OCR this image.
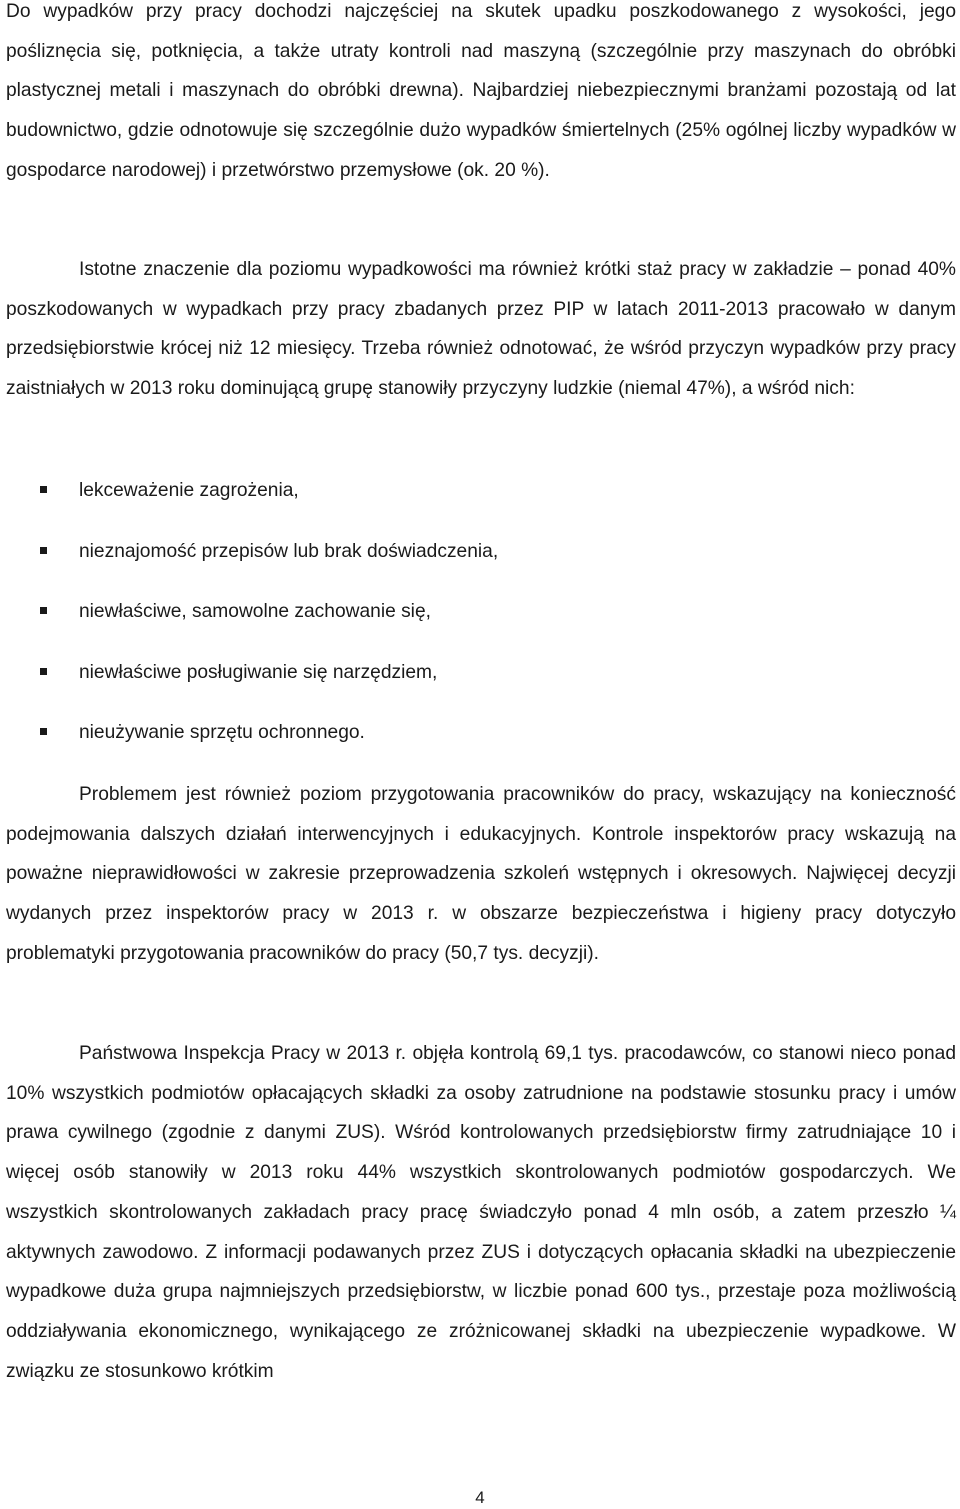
Do wypadków przy pracy dochodzi najczęściej na skutek upadku poszkodowanego z wysokości, jego pośliznęcia się, potknięcia, a także utraty kontroli nad maszyną (szczególnie przy maszynach do obróbki plastycznej metali i maszynach do obróbki drewna). Najbardziej niebezpiecznymi branżami pozostają od lat budownictwo, gdzie odnotowuje się szczególnie dużo wypadków śmiertelnych (25% ogólnej liczby wypadków w gospodarce narodowej) i przetwórstwo przemysłowe (ok. 20 %).

Istotne znaczenie dla poziomu wypadkowości ma również krótki staż pracy w zakładzie – ponad 40% poszkodowanych w wypadkach przy pracy zbadanych przez PIP w latach 2011-2013 pracowało w danym przedsiębiorstwie krócej niż 12 miesięcy. Trzeba również odnotować, że wśród przyczyn wypadków przy pracy zaistniałych w 2013 roku dominującą grupę stanowiły przyczyny ludzkie (niemal 47%), a wśród nich:

lekceważenie zagrożenia,
nieznajomość przepisów lub brak doświadczenia,
niewłaściwe, samowolne zachowanie się,
niewłaściwe posługiwanie się narzędziem,
nieużywanie sprzętu ochronnego.

Problemem jest również poziom przygotowania pracowników do pracy, wskazujący na konieczność podejmowania dalszych działań interwencyjnych i edukacyjnych. Kontrole inspektorów pracy wskazują na poważne nieprawidłowości w zakresie przeprowadzenia szkoleń wstępnych i okresowych. Najwięcej decyzji wydanych przez inspektorów pracy w 2013 r. w obszarze bezpieczeństwa i higieny pracy dotyczyło problematyki przygotowania pracowników do pracy (50,7 tys. decyzji).

Państwowa Inspekcja Pracy w 2013 r. objęła kontrolą 69,1 tys. pracodawców, co stanowi nieco ponad 10% wszystkich podmiotów opłacających składki za osoby zatrudnione na podstawie stosunku pracy i umów prawa cywilnego (zgodnie z danymi ZUS). Wśród kontrolowanych przedsiębiorstw firmy zatrudniające 10 i więcej osób stanowiły w 2013 roku 44% wszystkich skontrolowanych podmiotów gospodarczych. We wszystkich skontrolowanych zakładach pracy pracę świadczyło ponad 4 mln osób, a zatem przeszło ¼ aktywnych zawodowo. Z informacji podawanych przez ZUS i dotyczących opłacania składki na ubezpieczenie wypadkowe duża grupa najmniejszych przedsiębiorstw, w liczbie ponad 600 tys., przestaje poza możliwością oddziaływania ekonomicznego, wynikającego ze zróżnicowanej składki na ubezpieczenie wypadkowe. W związku ze stosunkowo krótkim

4
